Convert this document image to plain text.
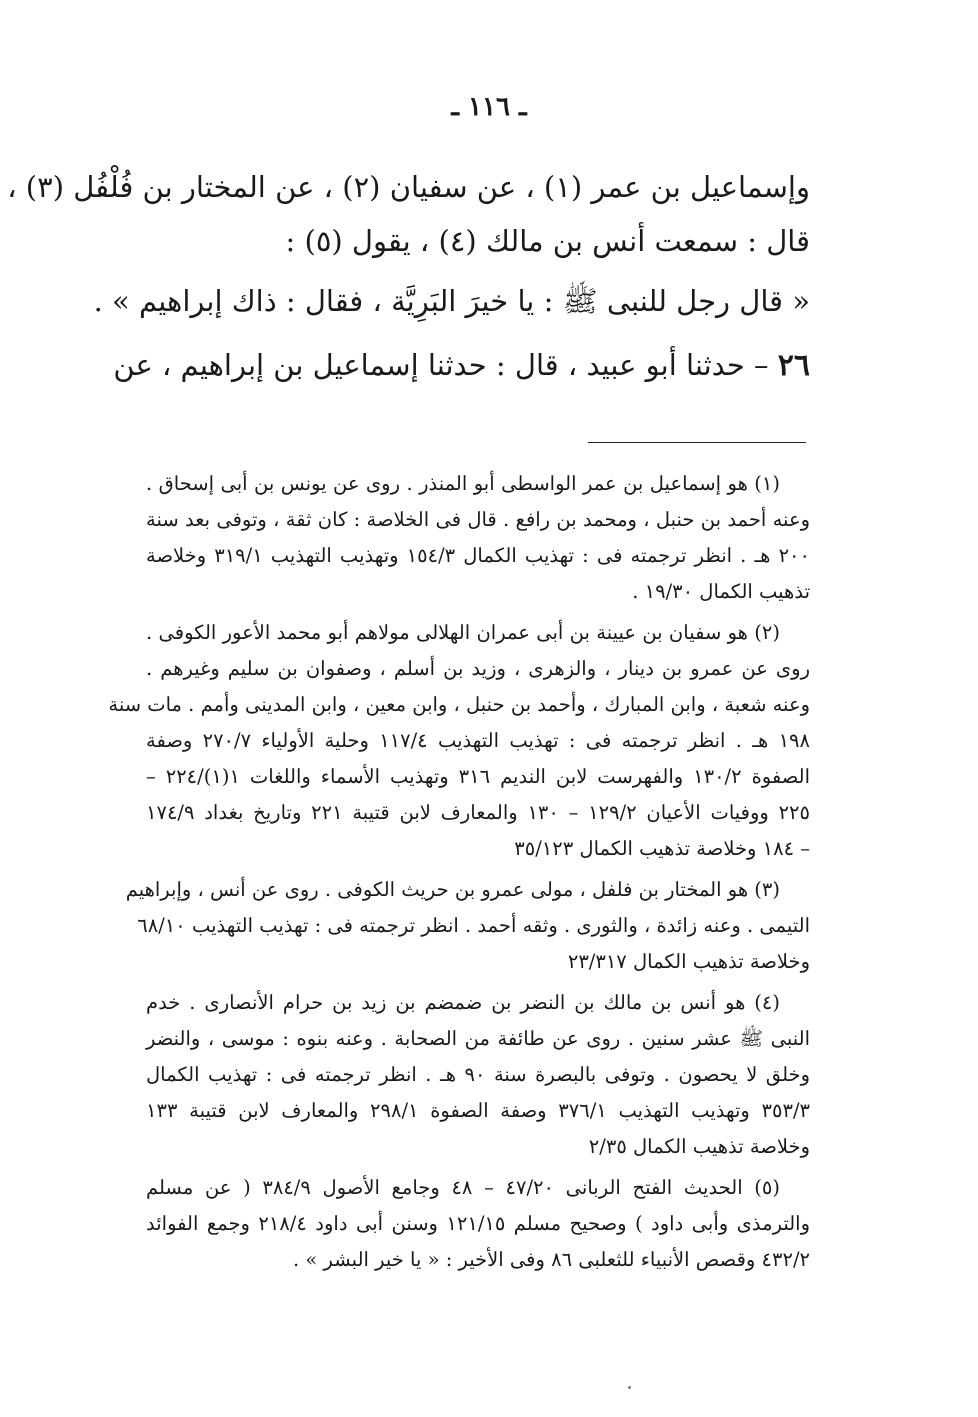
ـ ١١٦ ـ
وإسماعيل بن عمر (١) ، عن سفيان (٢) ، عن المختار بن فُلْفُل (٣) ،
قال : سمعت أنس بن مالك (٤) ، يقول (٥) :
« قال رجل للنبى ﷺ : يا خيرَ البَرِيَّة ، فقال : ذاك إبراهيم » .
٢٦ – حدثنا أبو عبيد ، قال : حدثنا إسماعيل بن إبراهيم ، عن
(١) هو إسماعيل بن عمر الواسطى أبو المنذر . روى عن يونس بن أبى إسحاق .
وعنه أحمد بن حنبل ، ومحمد بن رافع . قال فى الخلاصة : كان ثقة ، وتوفى بعد سنة
٢٠٠ هـ . انظر ترجمته فى : تهذيب الكمال ١٥٤/٣ وتهذيب التهذيب ٣١٩/١ وخلاصة
تذهيب الكمال ١٩/٣٠ .
(٢) هو سفيان بن عيينة بن أبى عمران الهلالى مولاهم أبو محمد الأعور الكوفى .
روى عن عمرو بن دينار ، والزهرى ، وزيد بن أسلم ، وصفوان بن سليم وغيرهم .
وعنه شعبة ، وابن المبارك ، وأحمد بن حنبل ، وابن معين ، وابن المدينى وأمم . مات سنة
١٩٨ هـ . انظر ترجمته فى : تهذيب التهذيب ١١٧/٤ وحلية الأولياء ٢٧٠/٧ وصفة
الصفوة ١٣٠/٢ والفهرست لابن النديم ٣١٦ وتهذيب الأسماء واللغات ١(١)/٢٢٤ –
٢٢٥ ووفيات الأعيان ١٢٩/٢ – ١٣٠ والمعارف لابن قتيبة ٢٢١ وتاريخ بغداد ١٧٤/٩
– ١٨٤ وخلاصة تذهيب الكمال ٣٥/١٢٣
(٣) هو المختار بن فلفل ، مولى عمرو بن حريث الكوفى . روى عن أنس ، وإبراهيم
التيمى . وعنه زائدة ، والثورى . وثقه أحمد . انظر ترجمته فى : تهذيب التهذيب ٦٨/١٠
وخلاصة تذهيب الكمال ٢٣/٣١٧
(٤) هو أنس بن مالك بن النضر بن ضمضم بن زيد بن حرام الأنصارى . خدم
النبى ﷺ عشر سنين . روى عن طائفة من الصحابة . وعنه بنوه : موسى ، والنضر
وخلق لا يحصون . وتوفى بالبصرة سنة ٩٠ هـ . انظر ترجمته فى : تهذيب الكمال
٣٥٣/٣ وتهذيب التهذيب ٣٧٦/١ وصفة الصفوة ٢٩٨/١ والمعارف لابن قتيبة ١٣٣
وخلاصة تذهيب الكمال ٢/٣٥
(٥) الحديث الفتح الربانى ٤٧/٢٠ – ٤٨ وجامع الأصول ٣٨٤/٩ ( عن مسلم
والترمذى وأبى داود ) وصحيح مسلم ١٢١/١٥ وسنن أبى داود ٢١٨/٤ وجمع الفوائد
٤٣٢/٢ وقصص الأنبياء للثعلبى ٨٦ وفى الأخير : « يا خير البشر » .
